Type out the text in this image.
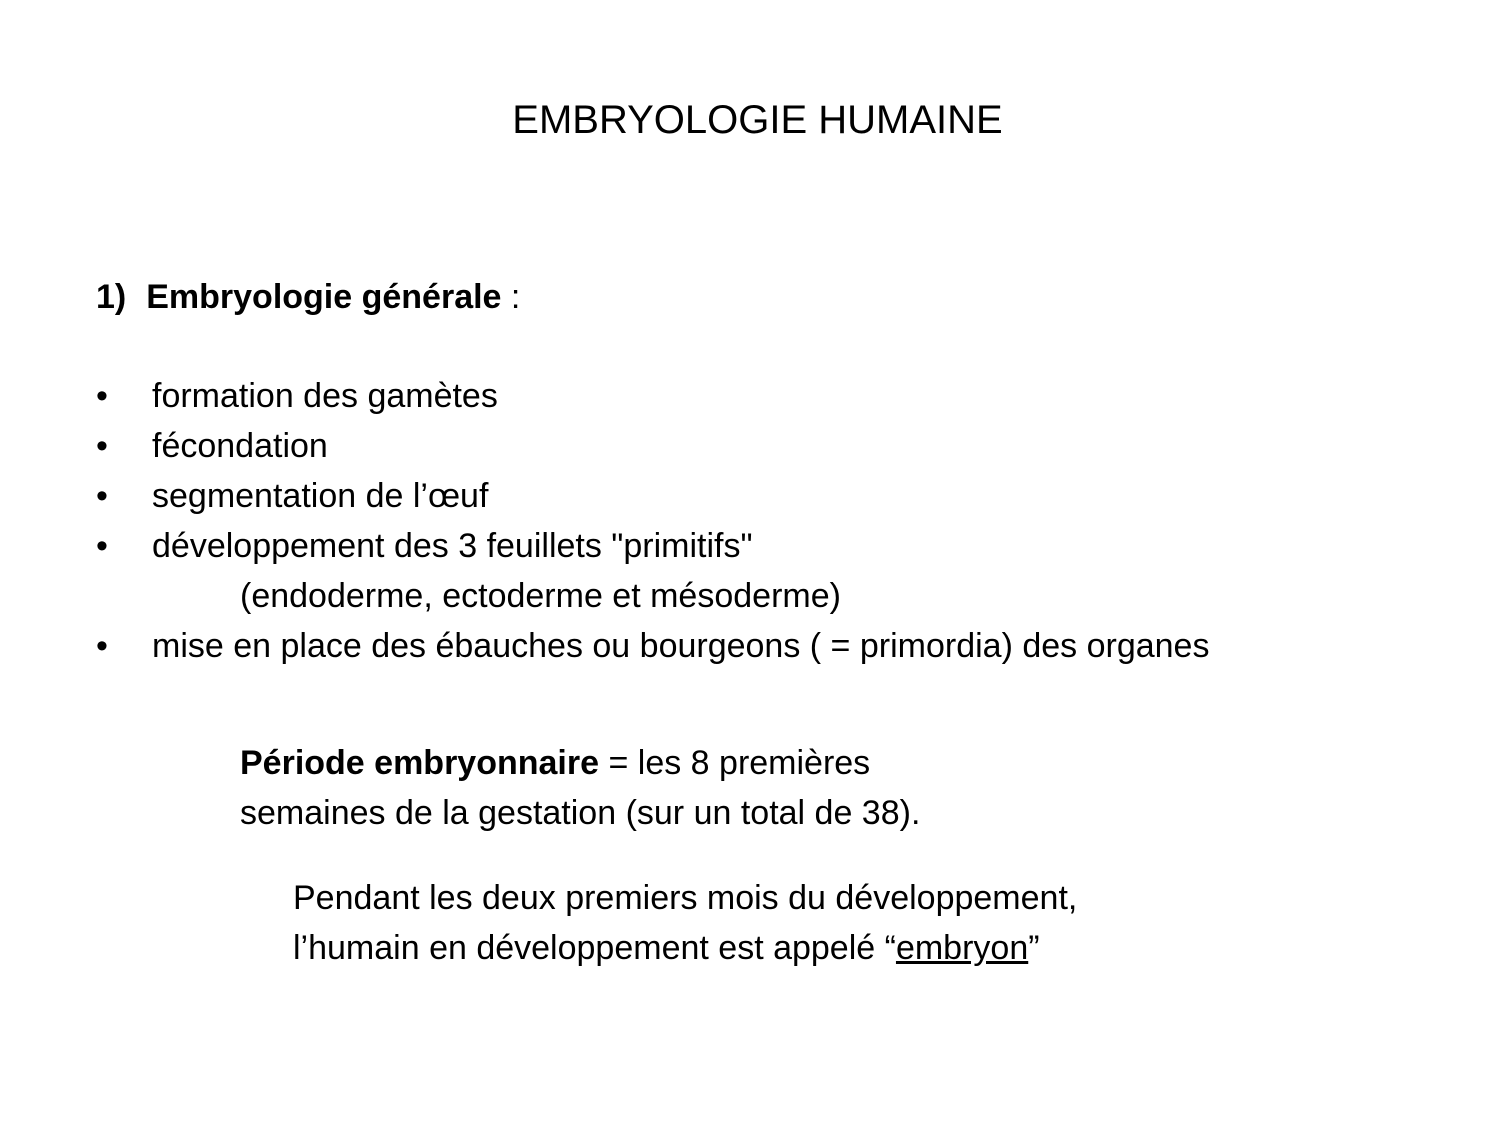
EMBRYOLOGIE HUMAINE
1) Embryologie générale :
• formation des gamètes
• fécondation
• segmentation de l’œuf
• développement des 3 feuillets "primitifs"
(endoderme, ectoderme et mésoderme)
• mise en place des ébauches ou bourgeons ( = primordia) des organes
Période embryonnaire = les 8 premières
semaines de la gestation (sur un total de 38).
Pendant les deux premiers mois du développement,
l’humain en développement est appelé “embryon”
